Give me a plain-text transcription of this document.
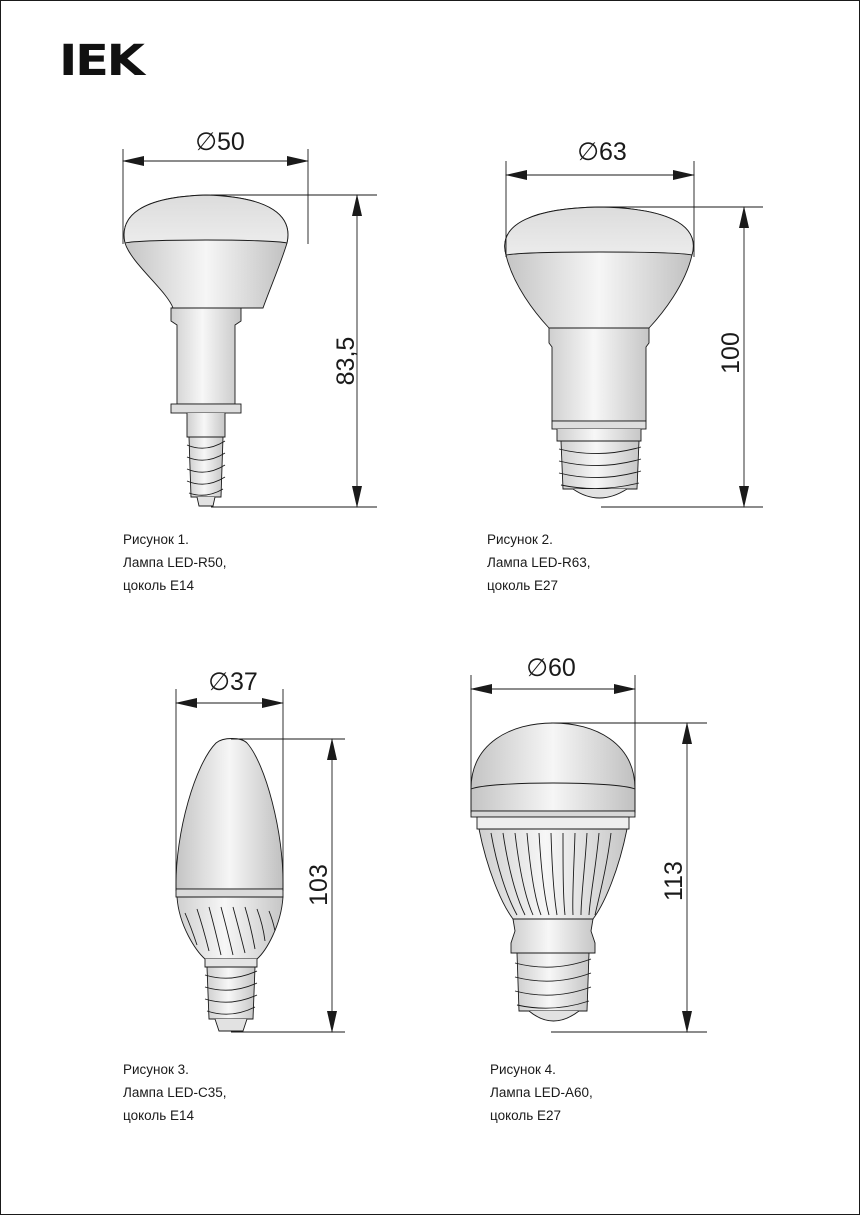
IEK
∅50
83,5
∅63
100
∅37
103
∅60
113
Рисунок 1.
Лампа LED-R50,
цоколь E14
Рисунок 2.
Лампа LED-R63,
цоколь E27
Рисунок 3.
Лампа LED-C35,
цоколь E14
Рисунок 4.
Лампа LED-A60,
цоколь E27
